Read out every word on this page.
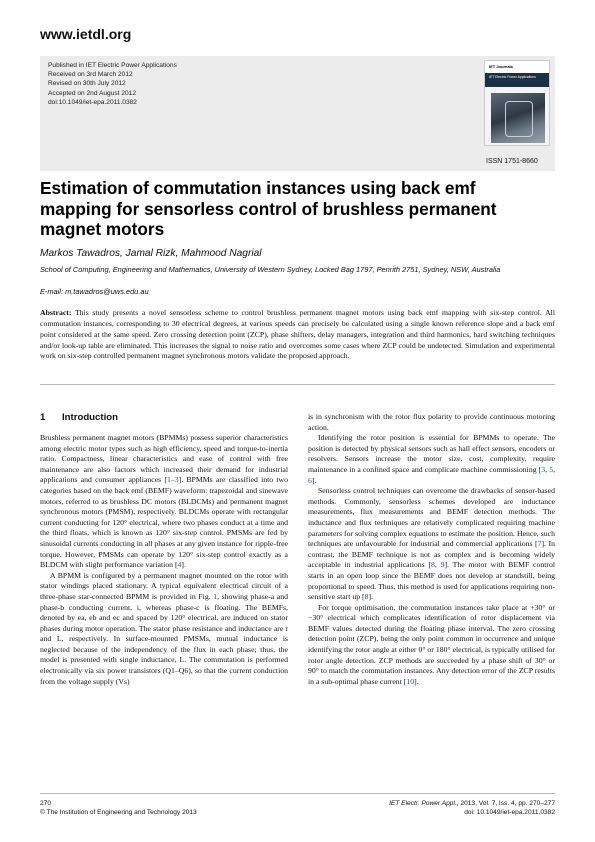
www.ietdl.org
Published in IET Electric Power Applications
Received on 3rd March 2012
Revised on 30th July 2012
Accepted on 2nd August 2012
doi:10.1049/iet-epa.2011.0382
IET Journals
IET Electric Power Applications
ISSN 1751-8660
Estimation of commutation instances using back emf mapping for sensorless control of brushless permanent magnet motors
Markos Tawadros, Jamal Rizk, Mahmood Nagrial
School of Computing, Engineering and Mathematics, University of Western Sydney, Locked Bag 1797, Penrith 2751, Sydney, NSW, Australia
E-mail: m.tawadros@uws.edu.au
Abstract: This study presents a novel sensorless scheme to control brushless permanent magnet motors using back emf mapping with six-step control. All commutation instances, corresponding to 30 electrical degrees, at various speeds can precisely be calculated using a single known reference slope and a back emf point considered at the same speed. Zero crossing detection point (ZCP), phase shifters, delay managers, integration and third harmonics, hard switching techniques and/or look-up table are eliminated. This increases the signal to noise ratio and overcomes some cases where ZCP could be undetected. Simulation and experimental work on six-step controlled permanent magnet synchronous motors validate the proposed approach.
1 Introduction

Brushless permanent magnet motors (BPMMs) possess superior characteristics among electric motor types such as high efficiency, speed and torque-to-inertia ratio. Compactness, linear characteristics and ease of control with free maintenance are also factors which increased their demand for industrial applications and consumer appliances [1–3]. BPMMs are classified into two categories based on the back emf (BEMF) waveform: trapezoidal and sinewave motors, referred to as brushless DC motors (BLDCMs) and permanent magnet synchronous motors (PMSM), respectively. BLDCMs operate with rectangular current conducting for 120° electrical, where two phases conduct at a time and the third floats, which is known as 120° six-step control. PMSMs are fed by sinusoidal currents conducting in all phases at any given instance for ripple-free torque. However, PMSMs can operate by 120° six-step control exactly as a BLDCM with slight performance variation [4].

A BPMM is configured by a permanent magnet mounted on the rotor with stator windings placed stationary. A typical equivalent electrical circuit of a three-phase star-connected BPMM is provided in Fig. 1, showing phase-a and phase-b conducting current, i, whereas phase-c is floating. The BEMFs, denoted by ea, eb and ec and spaced by 120° electrical, are induced on stator phases during motor operation. The stator phase resistance and inductance are r and L, respectively. In surface-mounted PMSMs, mutual inductance is neglected because of the independency of the flux in each phase; thus, the model is presented with single inductance, L. The commutation is performed electronically via six power transistors (Q1–Q6), so that the current conduction from the voltage supply (Vs)

is in synchronism with the rotor flux polarity to provide continuous motoring action.

Identifying the rotor position is essential for BPMMs to operate. The position is detected by physical sensors such as hall effect sensors, encoders or resolvers. Sensors increase the motor size, cost, complexity, require maintenance in a confined space and complicate machine commissioning [3, 5, 6].

Sensorless control techniques can overcome the drawbacks of sensor-based methods. Commonly, sensorless schemes developed are inductance measurements, flux measurements and BEMF detection methods. The inductance and flux techniques are relatively complicated requiring machine parameters for solving complex equations to estimate the position. Hence, such techniques are unfavourable for industrial and commercial applications [7]. In contrast, the BEMF technique is not as complex and is becoming widely acceptable in industrial applications [8, 9]. The motor with BEMF control starts in an open loop since the BEMF does not develop at standstill, being proportional to speed. Thus, this method is used for applications requiring non-sensitive start up [8].

For torque optimisation, the commutation instances take place at +30° or −30° electrical which complicates identification of rotor displacement via BEMF values detected during the floating phase interval. The zero crossing detection point (ZCP), being the only point common in occurrence and unique identifying the rotor angle at either 0° or 180° electrical, is typically utilised for rotor angle detection. ZCP methods are succeeded by a phase shift of 30° or 90° to match the commutation instances. Any detection error of the ZCP results in a sub-optimal phase current [10].

270
© The Institution of Engineering and Technology 2013
IET Electr. Power Appl., 2013, Vol. 7, Iss. 4, pp. 270–277
doi: 10.1049/iet-epa.2011.0382
